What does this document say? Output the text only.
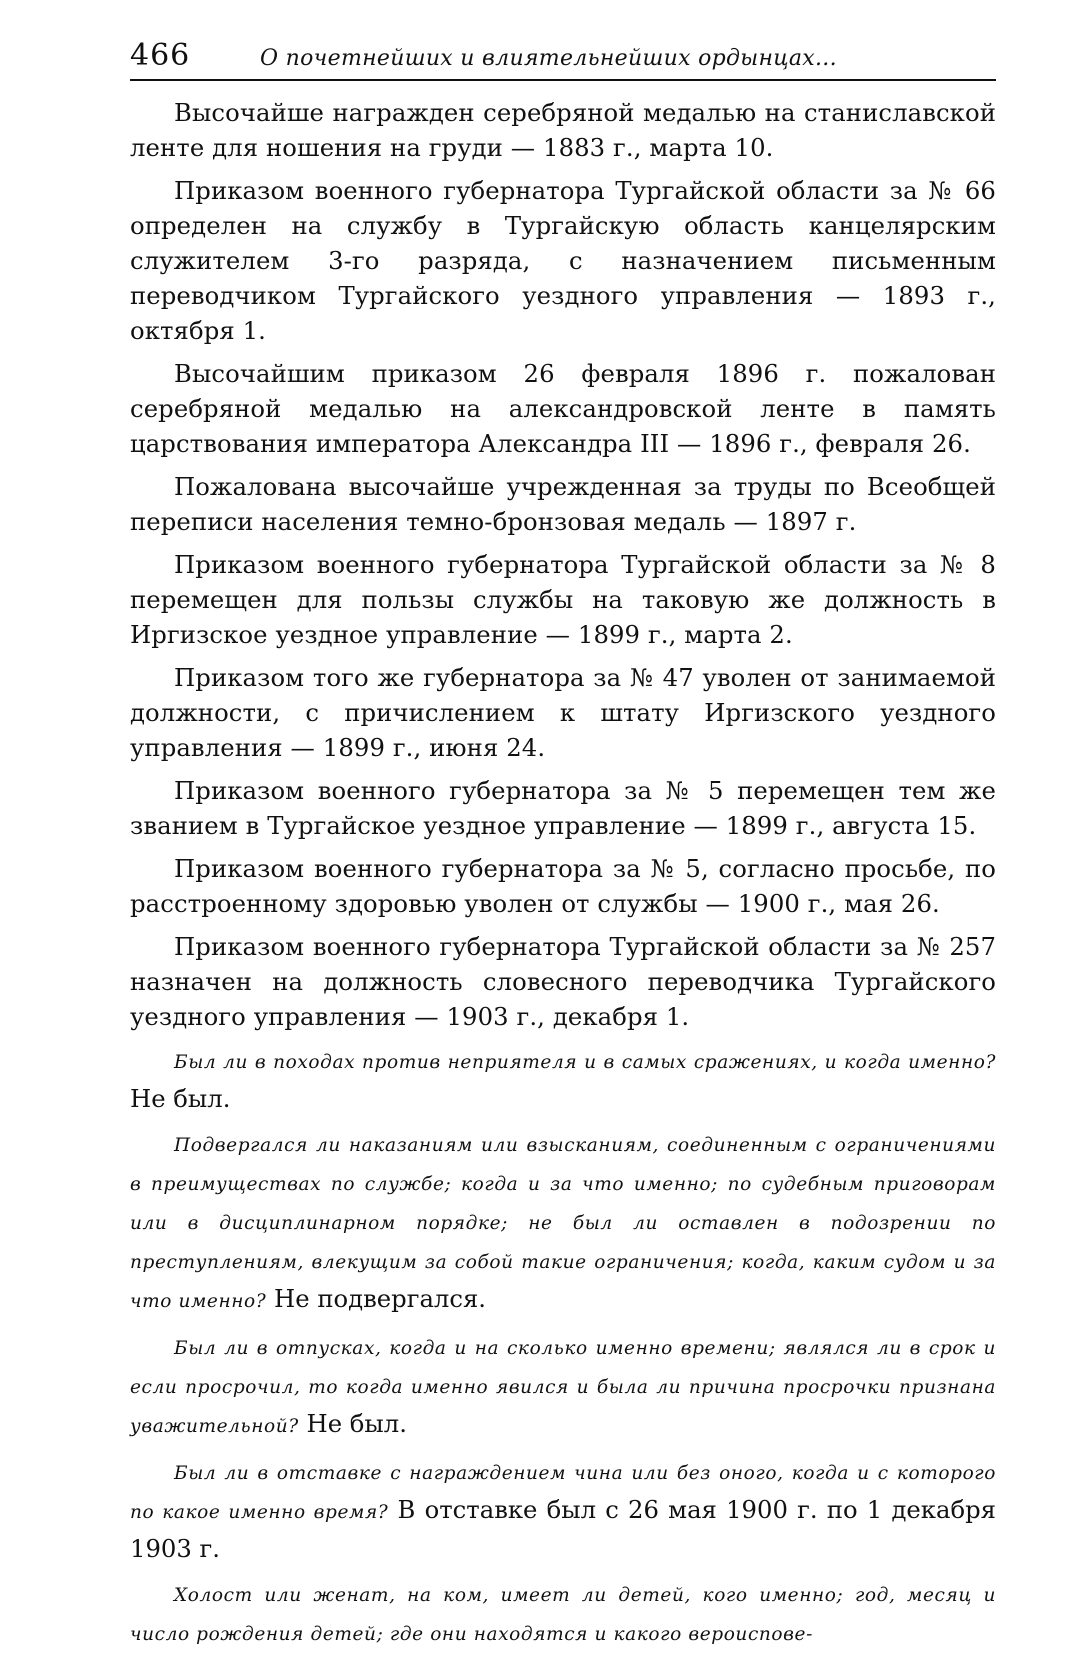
466	О почетнейших и влиятельнейших ордынцах...

Высочайше награжден серебряной медалью на станиславской ленте для ношения на груди — 1883 г., марта 10.

Приказом военного губернатора Тургайской области за № 66 определен на службу в Тургайскую область канцелярским служителем 3-го разряда, с назначением письменным переводчиком Тургайского уездного управления — 1893 г., октября 1.

Высочайшим приказом 26 февраля 1896 г. пожалован серебряной медалью на александровской ленте в память царствования императора Александра III — 1896 г., февраля 26.

Пожалована высочайше учрежденная за труды по Всеобщей переписи населения темно-бронзовая медаль — 1897 г.

Приказом военного губернатора Тургайской области за № 8 перемещен для пользы службы на таковую же должность в Иргизское уездное управление — 1899 г., марта 2.

Приказом того же губернатора за № 47 уволен от занимаемой должности, с причислением к штату Иргизского уездного управления — 1899 г., июня 24.

Приказом военного губернатора за № 5 перемещен тем же званием в Тургайское уездное управление — 1899 г., августа 15.

Приказом военного губернатора за № 5, согласно просьбе, по расстроенному здоровью уволен от службы — 1900 г., мая 26.

Приказом военного губернатора Тургайской области за № 257 назначен на должность словесного переводчика Тургайского уездного управления — 1903 г., декабря 1.

Был ли в походах против неприятеля и в самых сражениях, и когда именно? Не был.

Подвергался ли наказаниям или взысканиям, соединенным с ограничениями в преимуществах по службе; когда и за что именно; по судебным приговорам или в дисциплинарном порядке; не был ли оставлен в подозрении по преступлениям, влекущим за собой такие ограничения; когда, каким судом и за что именно? Не подвергался.

Был ли в отпусках, когда и на сколько именно времени; являлся ли в срок и если просрочил, то когда именно явился и была ли причина просрочки признана уважительной? Не был.

Был ли в отставке с награждением чина или без оного, когда и с которого по какое именно время? В отставке был с 26 мая 1900 г. по 1 декабря 1903 г.

Холост или женат, на ком, имеет ли детей, кого именно; год, месяц и число рождения детей; где они находятся и какого вероиспове-
